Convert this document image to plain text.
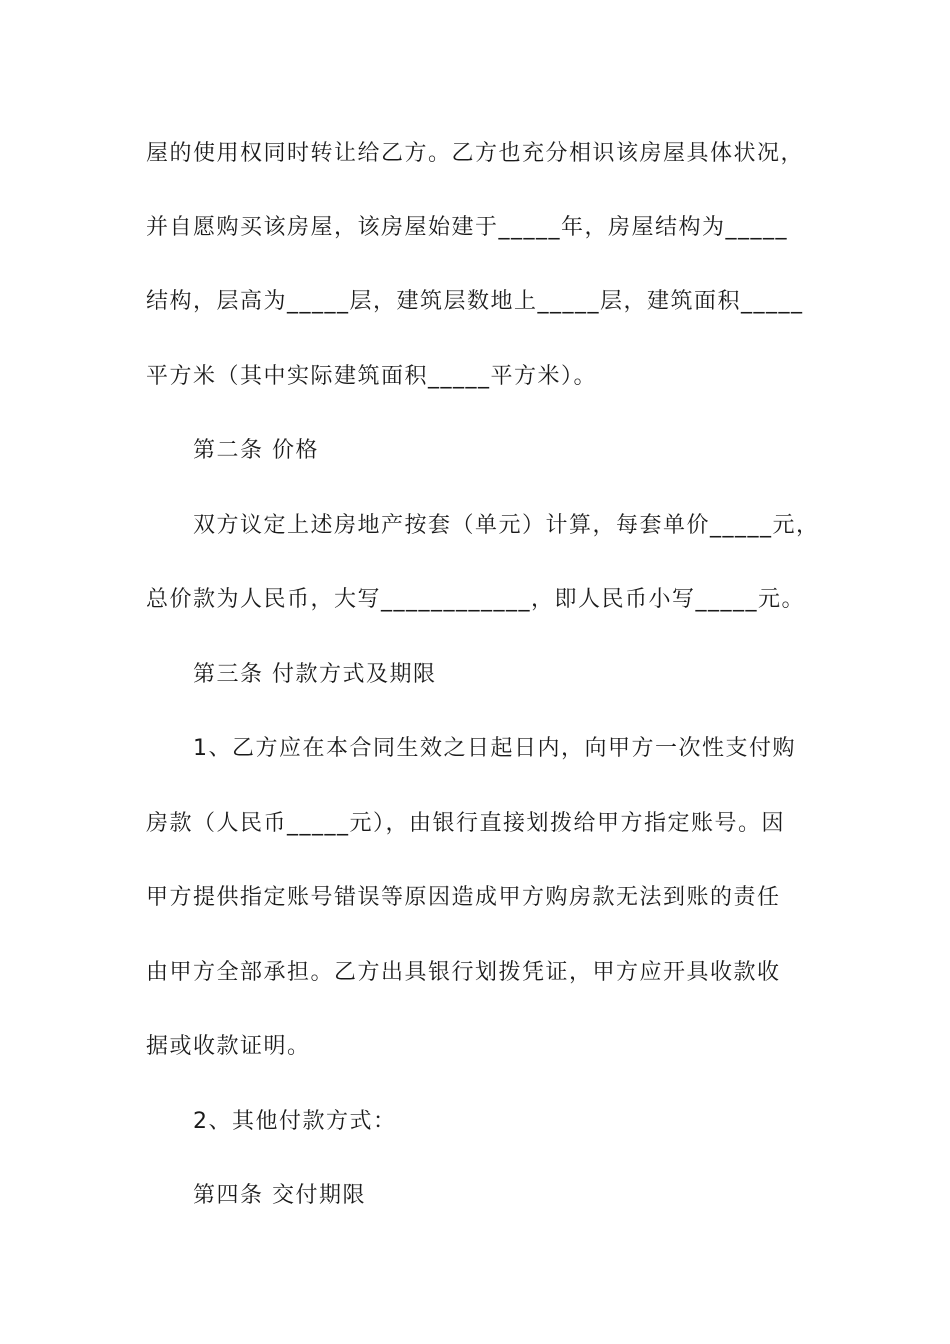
屋的使用权同时转让给乙方。乙方也充分相识该房屋具体状况，
并自愿购买该房屋，该房屋始建于_____年，房屋结构为_____
结构，层高为_____层，建筑层数地上_____层，建筑面积_____
平方米（其中实际建筑面积_____平方米）。
第二条 价格
双方议定上述房地产按套（单元）计算，每套单价_____元，
总价款为人民币，大写____________，即人民币小写_____元。
第三条 付款方式及期限
1、乙方应在本合同生效之日起日内，向甲方一次性支付购
房款（人民币_____元），由银行直接划拨给甲方指定账号。因
甲方提供指定账号错误等原因造成甲方购房款无法到账的责任
由甲方全部承担。乙方出具银行划拨凭证，甲方应开具收款收
据或收款证明。
2、其他付款方式：
第四条 交付期限
